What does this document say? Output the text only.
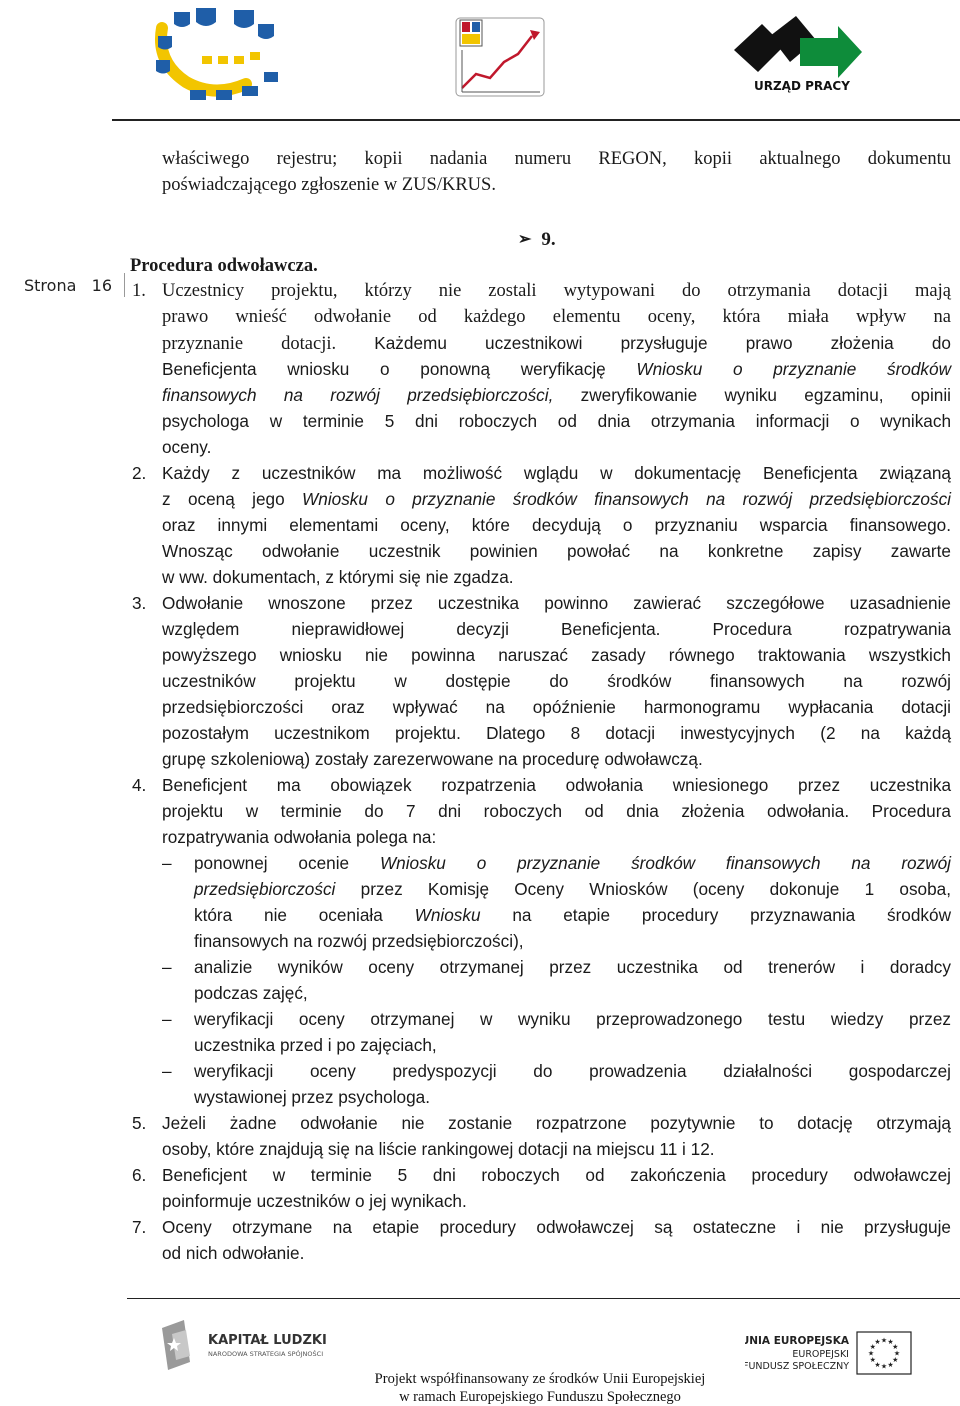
URZĄD PRACY
Strona 16
właściwego rejestru; kopii nadania numeru REGON, kopii aktualnego dokumentu
poświadczającego zgłoszenie w ZUS/KRUS.
➢ 9.
Procedura odwoławcza.
1. Uczestnicy projektu, którzy nie zostali wytypowani do otrzymania dotacji mają
prawo wnieść odwołanie od każdego elementu oceny, która miała wpływ na
przyznanie dotacji. Każdemu uczestnikowi przysługuje prawo złożenia do
Beneficjenta wniosku o ponowną weryfikację Wniosku o przyznanie środków
finansowych na rozwój przedsiębiorczości, zweryfikowanie wyniku egzaminu, opinii
psychologa w terminie 5 dni roboczych od dnia otrzymania informacji o wynikach
oceny.
2. Każdy z uczestników ma możliwość wglądu w dokumentację Beneficjenta związaną
z oceną jego Wniosku o przyznanie środków finansowych na rozwój przedsiębiorczości
oraz innymi elementami oceny, które decydują o przyznaniu wsparcia finansowego.
Wnosząc odwołanie uczestnik powinien powołać na konkretne zapisy zawarte
w ww. dokumentach, z którymi się nie zgadza.
3. Odwołanie wnoszone przez uczestnika powinno zawierać szczegółowe uzasadnienie
względem nieprawidłowej decyzji Beneficjenta. Procedura rozpatrywania
powyższego wniosku nie powinna naruszać zasady równego traktowania wszystkich
uczestników projektu w dostępie do środków finansowych na rozwój
przedsiębiorczości oraz wpływać na opóźnienie harmonogramu wypłacania dotacji
pozostałym uczestnikom projektu. Dlatego 8 dotacji inwestycyjnych (2 na każdą
grupę szkoleniową) zostały zarezerwowane na procedurę odwoławczą.
4. Beneficjent ma obowiązek rozpatrzenia odwołania wniesionego przez uczestnika
projektu w terminie do 7 dni roboczych od dnia złożenia odwołania. Procedura
rozpatrywania odwołania polega na:
–	ponownej ocenie Wniosku o przyznanie środków finansowych na rozwój
przedsiębiorczości przez Komisję Oceny Wniosków (oceny dokonuje 1 osoba,
która nie oceniała Wniosku na etapie procedury przyznawania środków
finansowych na rozwój przedsiębiorczości),
–	analizie wyników oceny otrzymanej przez uczestnika od trenerów i doradcy
podczas zajęć,
–	weryfikacji oceny otrzymanej w wyniku przeprowadzonego testu wiedzy przez
uczestnika przed i po zajęciach,
–	weryfikacji oceny predyspozycji do prowadzenia działalności gospodarczej
wystawionej przez psychologa.
5. Jeżeli żadne odwołanie nie zostanie rozpatrzone pozytywnie to dotację otrzymają
osoby, które znajdują się na liście rankingowej dotacji na miejscu 11 i 12.
6. Beneficjent w terminie 5 dni roboczych od zakończenia procedury odwoławczej
poinformuje uczestników o jej wynikach.
7. Oceny otrzymane na etapie procedury odwoławczej są ostateczne i nie przysługuje
od nich odwołanie.
KAPITAŁ LUDZKI
NARODOWA STRATEGIA SPÓJNOŚCI
UNIA EUROPEJSKA
EUROPEJSKI
FUNDUSZ SPOŁECZNY
★ ★
★
★
★
★
★
★
★
★
★
★
Projekt współfinansowany ze środków Unii Europejskiej
w ramach Europejskiego Funduszu Społecznego
